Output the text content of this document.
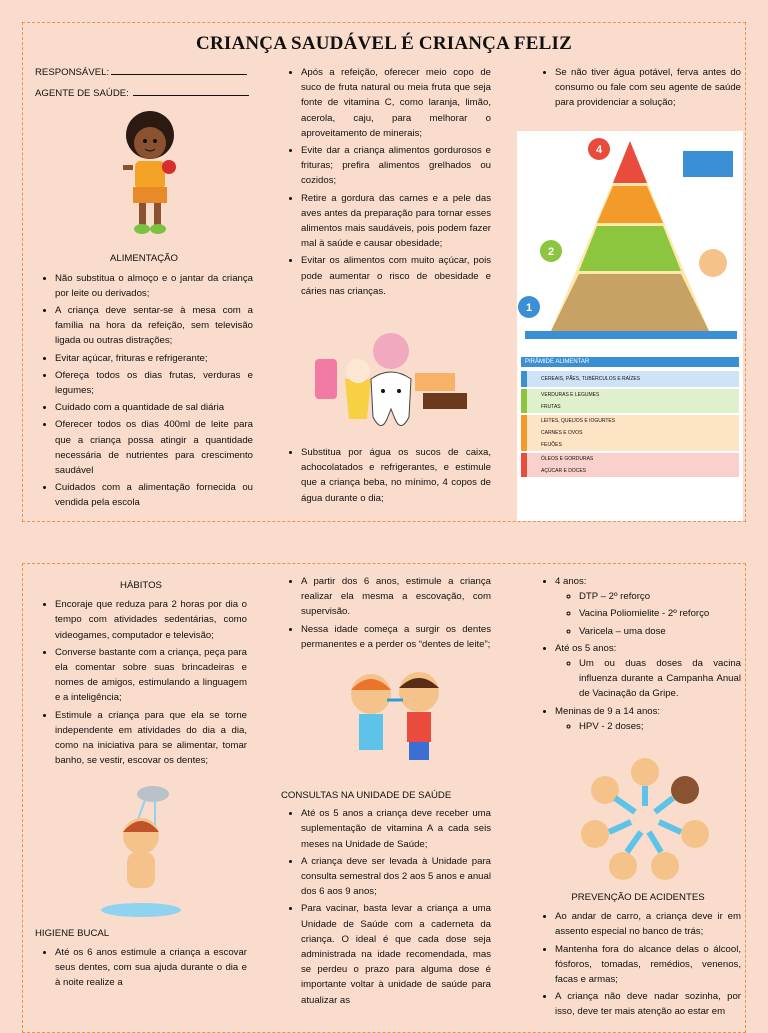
CRIANÇA SAUDÁVEL É CRIANÇA FELIZ
RESPONSÁVEL:
AGENTE DE SAÚDE:
ALIMENTAÇÃO
• Não substitua o almoço e o jantar da criança por leite ou derivados;
• A criança deve sentar-se à mesa com a família na hora da refeição, sem televisão ligada ou outras distrações;
• Evitar açúcar, frituras e refrigerante;
• Ofereça todos os dias frutas, verduras e legumes;
• Cuidado com a quantidade de sal diária
• Oferecer todos os dias 400ml de leite para que a criança possa atingir a quantidade necessária de nutrientes para crescimento saudável
• Cuidados com a alimentação fornecida ou vendida pela escola
• Após a refeição, oferecer meio copo de suco de fruta natural ou meia fruta que seja fonte de vitamina C, como laranja, limão, acerola, caju, para melhorar o aproveitamento de minerais;
• Evite dar a criança alimentos gordurosos e frituras; prefira alimentos grelhados ou cozidos;
• Retire a gordura das carnes e a pele das aves antes da preparação para tornar esses alimentos mais saudáveis, pois podem fazer mal à saúde e causar obesidade;
• Evitar os alimentos com muito açúcar, pois pode aumentar o risco de obesidade e cáries nas crianças.
• Substitua por água os sucos de caixa, achocolatados e refrigerantes, e estimule que a criança beba, no mínimo, 4 copos de água durante o dia;
• Se não tiver água potável, ferva antes do consumo ou fale com seu agente de saúde para providenciar a solução;
4
2
1
PIRÂMIDE ALIMENTAR
CEREAIS, PÃES, TUBÉRCULOS E RAÍZES
VERDURAS E LEGUMES
FRUTAS
LEITES, QUEIJOS E IOGURTES
CARNES E OVOS
FEIJÕES
ÓLEOS E GORDURAS
AÇÚCAR E DOCES
HÁBITOS
• Encoraje que reduza para 2 horas por dia o tempo com atividades sedentárias, como videogames, computador e televisão;
• Converse bastante com a criança, peça para ela comentar sobre suas brincadeiras e nomes de amigos, estimulando a linguagem e a inteligência;
• Estimule a criança para que ela se torne independente em atividades do dia a dia, como na iniciativa para se alimentar, tomar banho, se vestir, escovar os dentes;
HIGIENE BUCAL
• Até os 6 anos estimule a criança a escovar seus dentes, com sua ajuda durante o dia e à noite realize a
• A partir dos 6 anos, estimule a criança realizar ela mesma a escovação, com supervisão.
• Nessa idade começa a surgir os dentes permanentes e a perder os “dentes de leite”;
CONSULTAS NA UNIDADE DE SAÚDE
• Até os 5 anos a criança deve receber uma suplementação de vitamina A a cada seis meses na Unidade de Saúde;
• A criança deve ser levada à Unidade para consulta semestral dos 2 aos 5 anos e anual dos 6 aos 9 anos;
• Para vacinar, basta levar a criança a uma Unidade de Saúde com a caderneta da criança. O ideal é que cada dose seja administrada na idade recomendada, mas se perdeu o prazo para alguma dose é importante voltar à unidade de saúde para atualizar as
• 4 anos:
◦ DTP – 2º reforço
◦ Vacina Poliomielite - 2º reforço
◦ Varicela – uma dose
• Até os 5 anos:
◦ Um ou duas doses da vacina influenza durante a Campanha Anual de Vacinação da Gripe.
• Meninas de 9 a 14 anos:
◦ HPV - 2 doses;
PREVENÇÃO DE ACIDENTES
• Ao andar de carro, a criança deve ir em assento especial no banco de trás;
• Mantenha fora do alcance delas o álcool, fósforos, tomadas, remédios, venenos, facas e armas;
• A criança não deve nadar sozinha, por isso, deve ter mais atenção ao estar em
